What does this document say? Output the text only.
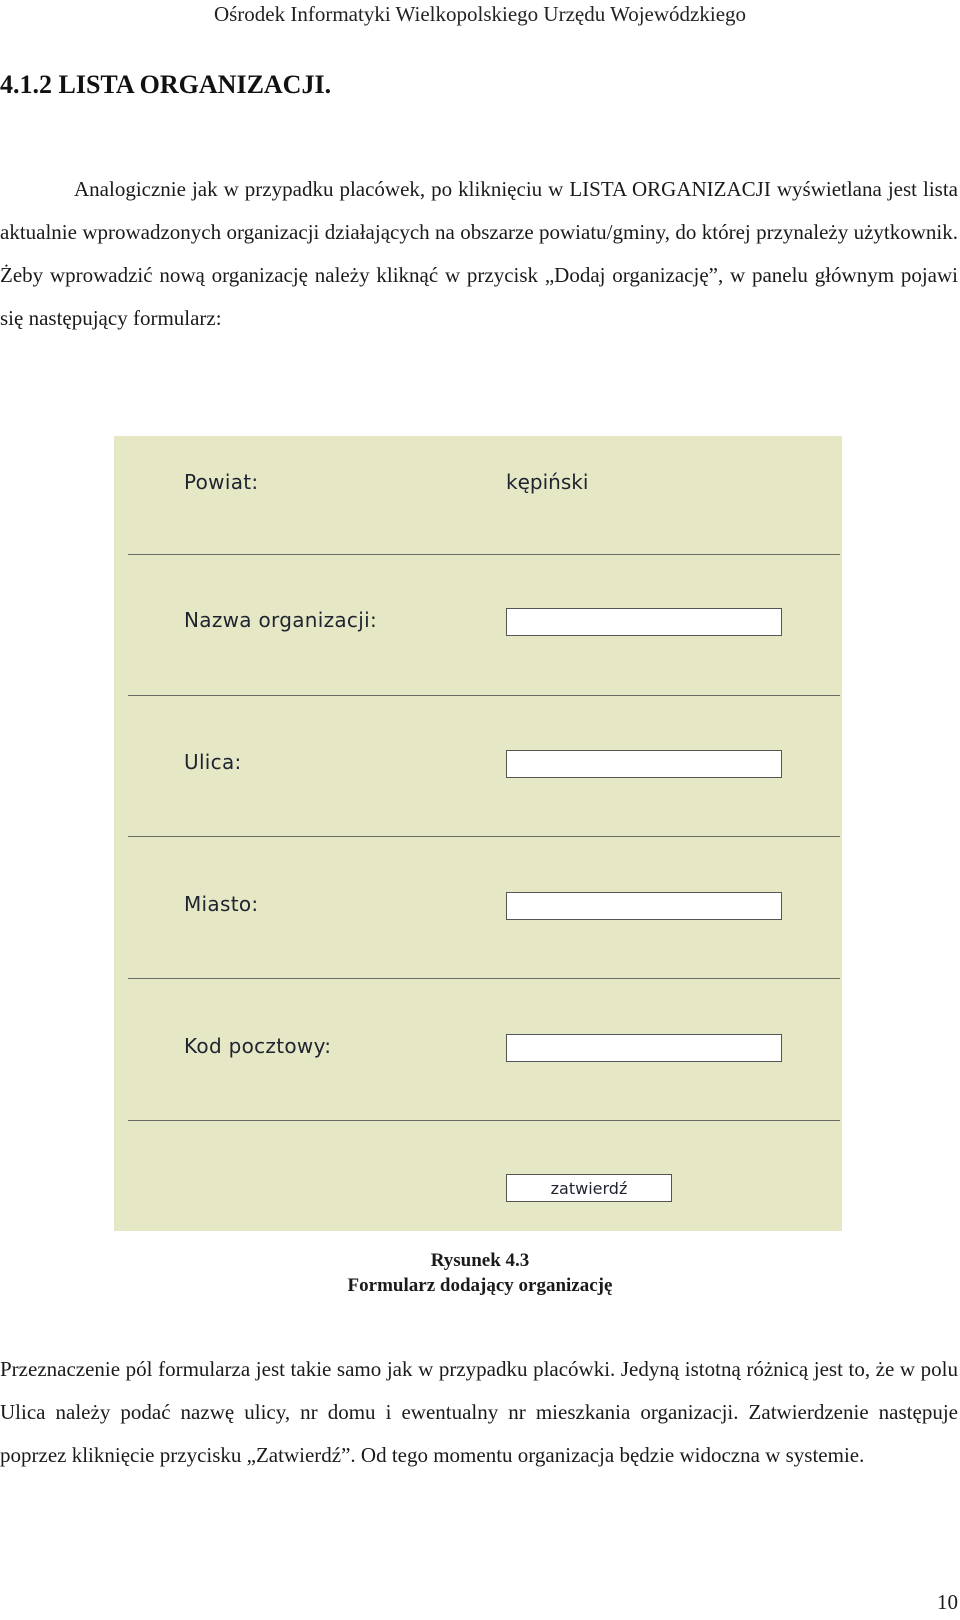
Ośrodek Informatyki Wielkopolskiego Urzędu Wojewódzkiego
4.1.2 LISTA ORGANIZACJI.

Analogicznie jak w przypadku placówek, po kliknięciu w LISTA ORGANIZACJI wyświetlana jest lista aktualnie wprowadzonych organizacji działających na obszarze powiatu/gminy, do której przynależy użytkownik. Żeby wprowadzić nową organizację należy kliknąć w przycisk „Dodaj organizację”, w panelu głównym pojawi się następujący formularz:

Powiat:	kępiński
Nazwa organizacji:
Ulica:
Miasto:
Kod pocztowy:
zatwierdź
Rysunek 4.3
Formularz dodający organizację

Przeznaczenie pól formularza jest takie samo jak w przypadku placówki. Jedyną istotną różnicą jest to, że w polu Ulica należy podać nazwę ulicy, nr domu i ewentualny nr mieszkania organizacji. Zatwierdzenie następuje poprzez kliknięcie przycisku „Zatwierdź”. Od tego momentu organizacja będzie widoczna w systemie.

10
